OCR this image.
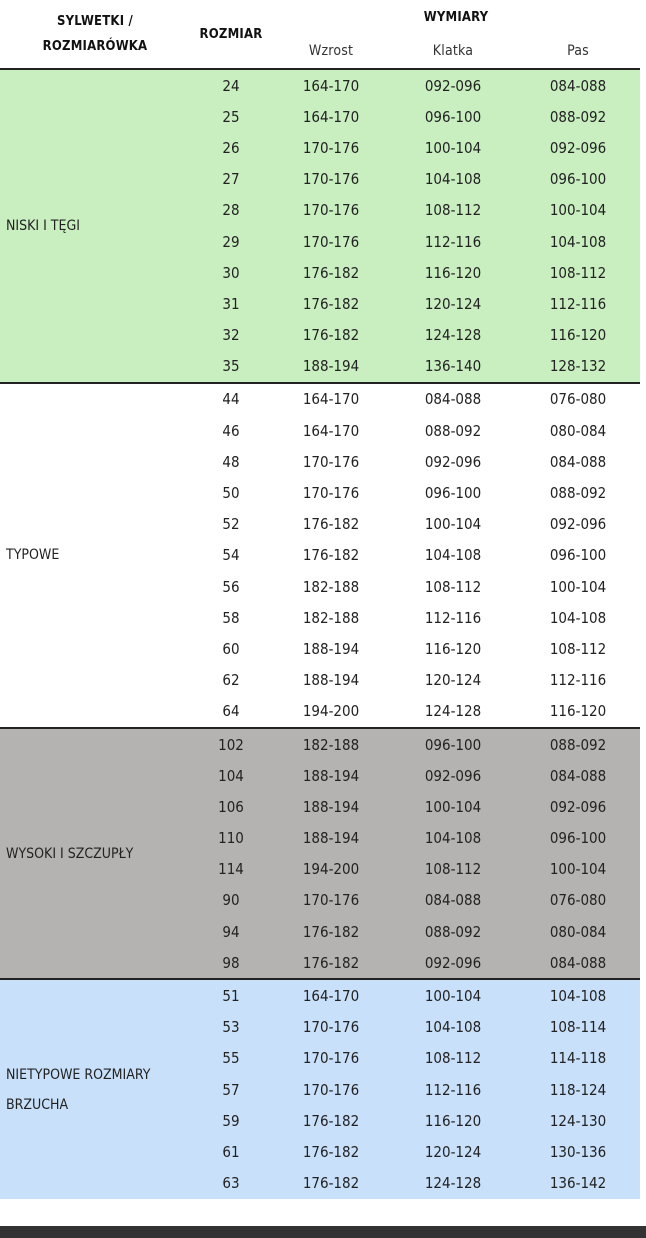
SYLWETKI /
ROZMIARÓWKA	ROZMIAR	WYMIARY		
		Wzrost	Klatka	Pas
NISKI I TĘGI	24	164-170	092-096	084-088
	25	164-170	096-100	088-092
	26	170-176	100-104	092-096
	27	170-176	104-108	096-100
	28	170-176	108-112	100-104
	29	170-176	112-116	104-108
	30	176-182	116-120	108-112
	31	176-182	120-124	112-116
	32	176-182	124-128	116-120
	35	188-194	136-140	128-132
TYPOWE	44	164-170	084-088	076-080
	46	164-170	088-092	080-084
	48	170-176	092-096	084-088
	50	170-176	096-100	088-092
	52	176-182	100-104	092-096
	54	176-182	104-108	096-100
	56	182-188	108-112	100-104
	58	182-188	112-116	104-108
	60	188-194	116-120	108-112
	62	188-194	120-124	112-116
	64	194-200	124-128	116-120
WYSOKI I SZCZUPŁY	102	182-188	096-100	088-092
	104	188-194	092-096	084-088
	106	188-194	100-104	092-096
	110	188-194	104-108	096-100
	114	194-200	108-112	100-104
	90	170-176	084-088	076-080
	94	176-182	088-092	080-084
	98	176-182	092-096	084-088
NIETYPOWE ROZMIARY BRZUCHA	51	164-170	100-104	104-108
	53	170-176	104-108	108-114
	55	170-176	108-112	114-118
	57	170-176	112-116	118-124
	59	176-182	116-120	124-130
	61	176-182	120-124	130-136
	63	176-182	124-128	136-142
